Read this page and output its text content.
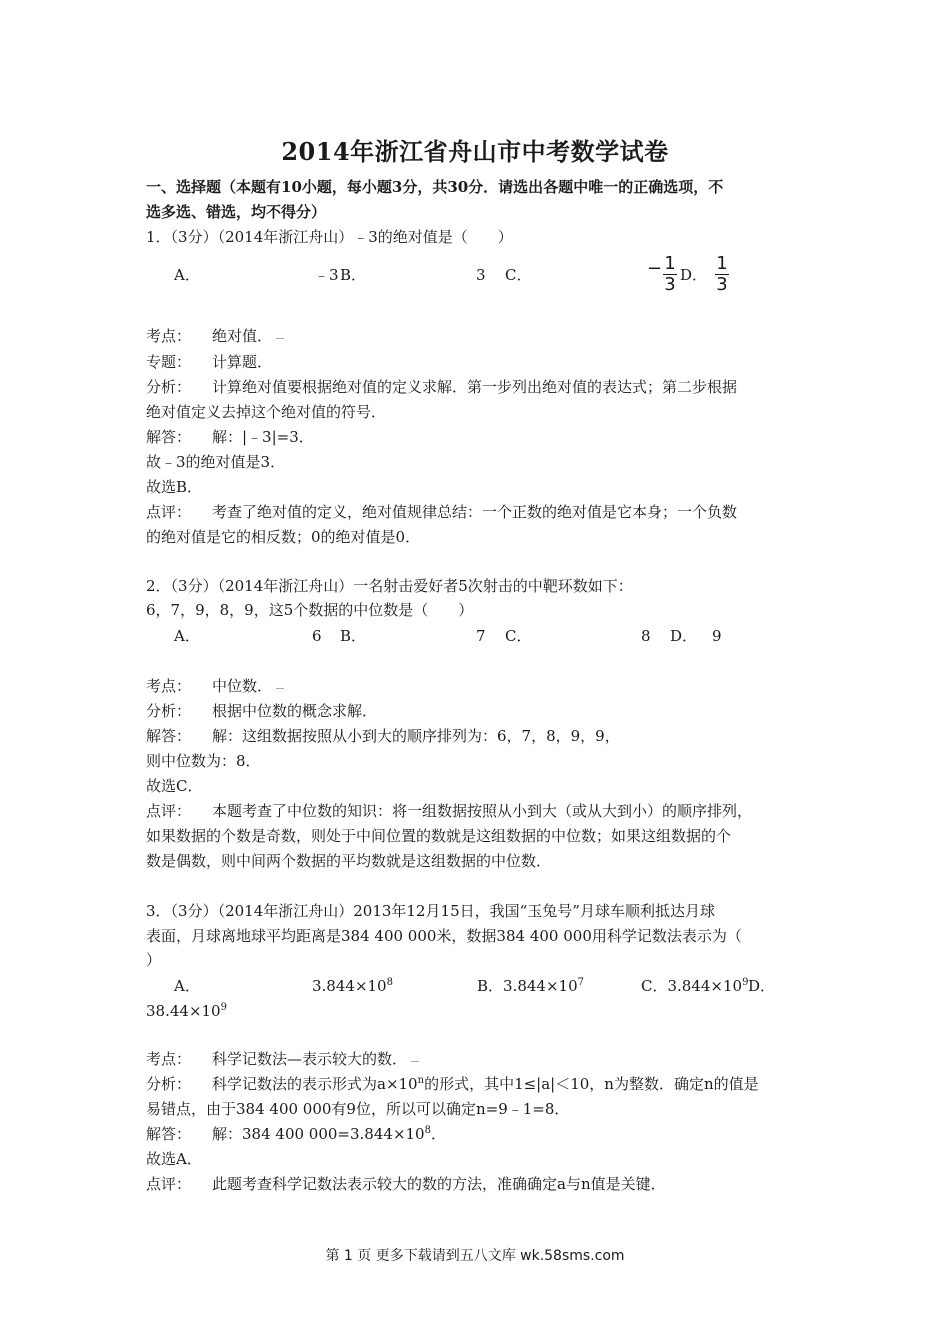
2014年浙江省舟山市中考数学试卷
一、选择题（本题有10小题，每小题3分，共30分．请选出各题中唯一的正确选项，不
选多选、错选，均不得分）
1．（3分）（2014年浙江舟山）﹣3的绝对值是（　　）
A．	﹣3 B．	3 C．	− 1
3 D．
1
3
考点： 绝对值．
专题： 计算题．
分析： 计算绝对值要根据绝对值的定义求解．第一步列出绝对值的表达式；第二步根据
绝对值定义去掉这个绝对值的符号．
解答： 解：|﹣3|=3．
故﹣3的绝对值是3．
故选B．
点评： 考查了绝对值的定义，绝对值规律总结：一个正数的绝对值是它本身；一个负数
的绝对值是它的相反数；0的绝对值是0．
2．（3分）（2014年浙江舟山）一名射击爱好者5次射击的中靶环数如下：
6，7，9，8，9，这5个数据的中位数是（　　）
A．	6 B．	7 C．	8 D． 9
考点： 中位数．
分析： 根据中位数的概念求解．
解答： 解：这组数据按照从小到大的顺序排列为：6，7，8，9，9，
则中位数为：8．
故选C．
点评： 本题考查了中位数的知识：将一组数据按照从小到大（或从大到小）的顺序排列，
如果数据的个数是奇数，则处于中间位置的数就是这组数据的中位数；如果这组数据的个
数是偶数，则中间两个数据的平均数就是这组数据的中位数．
3．（3分）（2014年浙江舟山）2013年12月15日，我国“玉兔号”月球车顺利抵达月球
表面，月球离地球平均距离是384 400 000米，数据384 400 000用科学记数法表示为（
）
A．	$3.844\times 10^8$	B．$3.844\times 10^7$	C．$3.844\times 10^9$ D．
$38.44\times 10^9$
考点： 科学记数法—表示较大的数．
分析： 科学记数法的表示形式为$a\times 10^n$的形式，其中1≤|a|＜10，n为整数．确定n的值是
易错点，由于384 400 000有9位，所以可以确定n=9﹣1=8．
解答： 解：384 400 $000=3.844\times 10^8$．
故选A．
点评： 此题考查科学记数法表示较大的数的方法，准确确定a与n值是关键．
第 1 页 更多下载请到五八文库 wk.58sms.com
